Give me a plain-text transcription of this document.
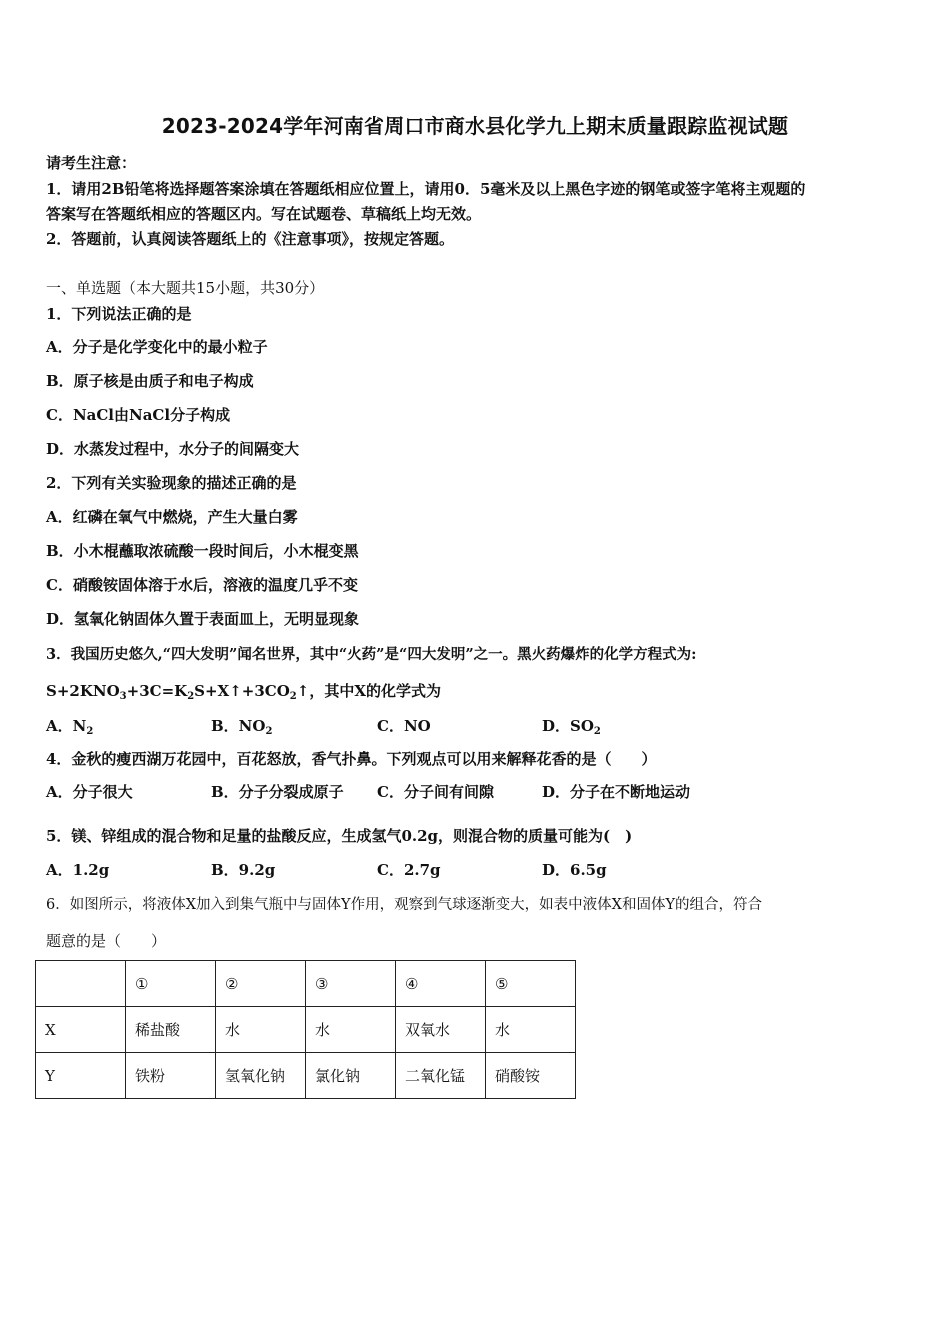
2023-2024学年河南省周口市商水县化学九上期末质量跟踪监视试题
请考生注意：
1．请用2B铅笔将选择题答案涂填在答题纸相应位置上，请用0．5毫米及以上黑色字迹的钢笔或签字笔将主观题的
答案写在答题纸相应的答题区内。写在试题卷、草稿纸上均无效。
2．答题前，认真阅读答题纸上的《注意事项》，按规定答题。
一、单选题（本大题共15小题，共30分）
1．下列说法正确的是
A．分子是化学变化中的最小粒子
B．原子核是由质子和电子构成
C．NaCl由NaCl分子构成
D．水蒸发过程中，水分子的间隔变大
2．下列有关实验现象的描述正确的是
A．红磷在氧气中燃烧，产生大量白雾
B．小木棍蘸取浓硫酸一段时间后，小木棍变黑
C．硝酸铵固体溶于水后，溶液的温度几乎不变
D．氢氧化钠固体久置于表面皿上，无明显现象
3．我国历史悠久,“四大发明”闻名世界，其中“火药”是“四大发明”之一。黑火药爆炸的化学方程式为:
$S+2KNO_3+3C=K_2S+X↑+3CO_2↑$，其中X的化学式为
A．$N_2$	B．$NO_2$	C．NO	D．$SO_2$
4．金秋的瘦西湖万花园中，百花怒放，香气扑鼻。下列观点可以用来解释花香的是（　　）
A．分子很大	B．分子分裂成原子 C．分子间有间隙	D．分子在不断地运动
5．镁、锌组成的混合物和足量的盐酸反应，生成氢气0.2g，则混合物的质量可能为(　)
A．1.2g	B．9.2g	C．2.7g	D．6.5g
6．如图所示，将液体X加入到集气瓶中与固体Y作用，观察到气球逐渐变大，如表中液体X和固体Y的组合，符合
题意的是（　　）
	①	②	③	④	⑤
X	稀盐酸	水	水	双氧水	水
Y	铁粉	氢氧化钠	氯化钠	二氧化锰	硝酸铵
